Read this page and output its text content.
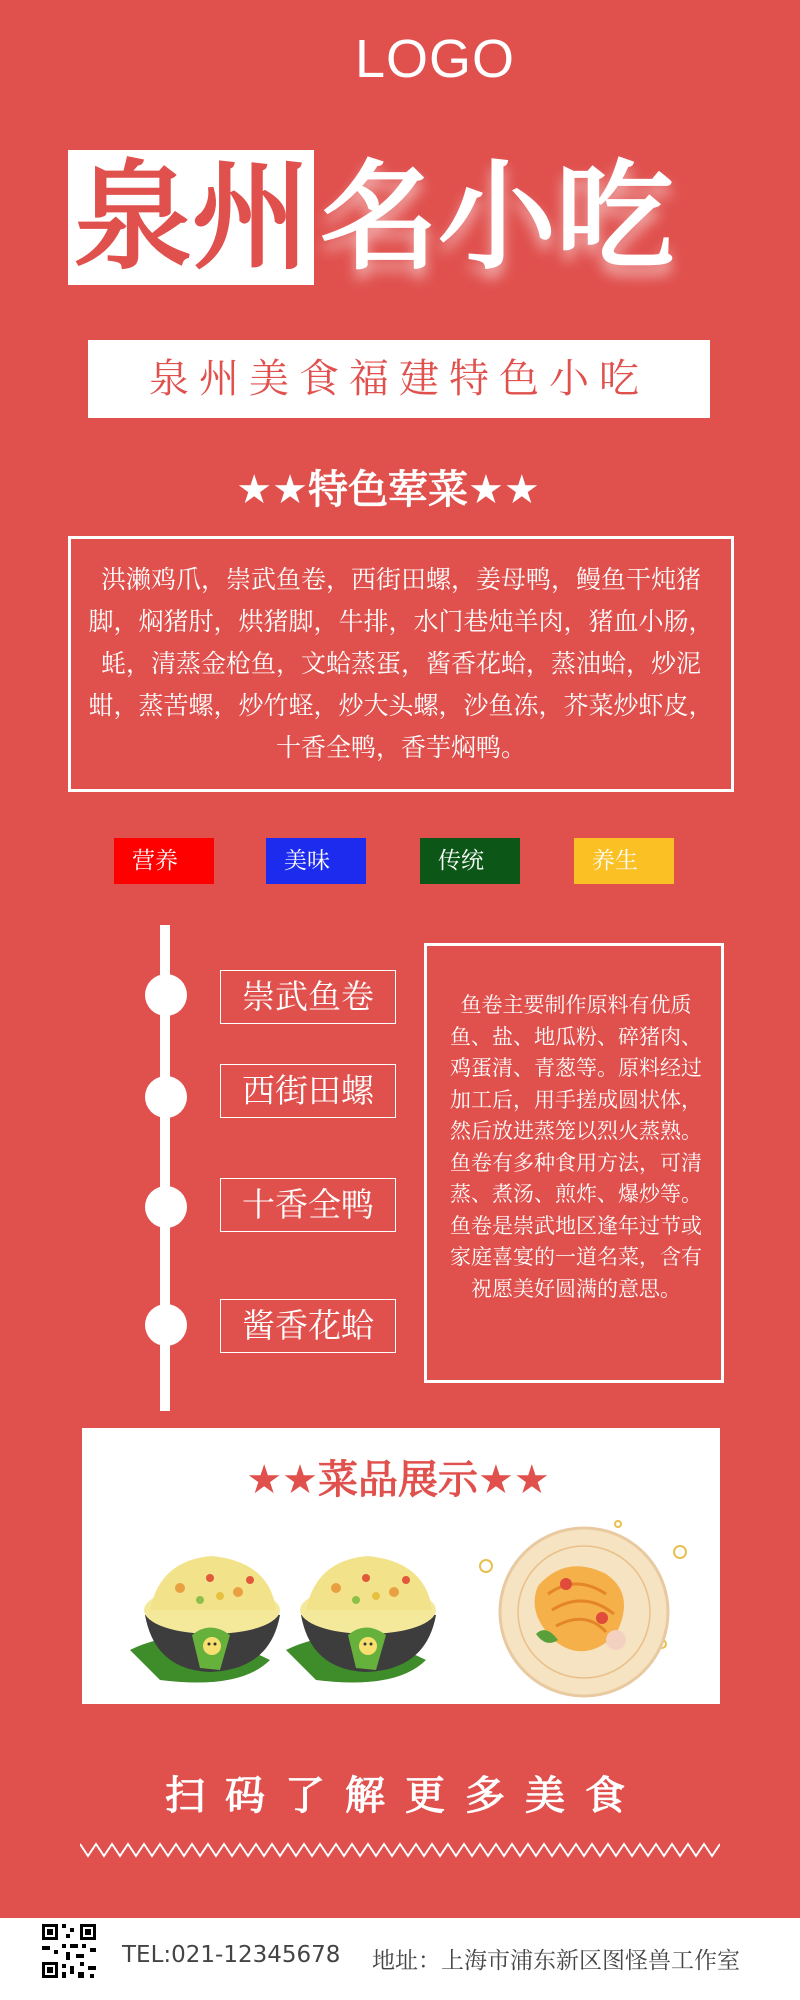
LOGO
泉州 名小吃
泉州美食福建特色小吃
★★特色荤菜★★
洪濑鸡爪，崇武鱼卷，西街田螺，姜母鸭，鳗鱼干炖猪脚，焖猪肘，烘猪脚，牛排，水门巷炖羊肉，猪血小肠，蚝，清蒸金枪鱼，文蛤蒸蛋，酱香花蛤，蒸油蛤，炒泥蚶，蒸苦螺，炒竹蛏，炒大头螺，沙鱼冻，芥菜炒虾皮，十香全鸭，香芋焖鸭。
营养	美味	传统	养生
崇武鱼卷
西街田螺
十香全鸭
酱香花蛤
鱼卷主要制作原料有优质鱼、盐、地瓜粉、碎猪肉、鸡蛋清、青葱等。原料经过加工后，用手搓成圆状体，然后放进蒸笼以烈火蒸熟。鱼卷有多种食用方法，可清蒸、煮汤、煎炸、爆炒等。鱼卷是崇武地区逢年过节或家庭喜宴的一道名菜，含有祝愿美好圆满的意思。
★★菜品展示★★
扫码了解更多美食
TEL:021-12345678 地址：上海市浦东新区图怪兽工作室
